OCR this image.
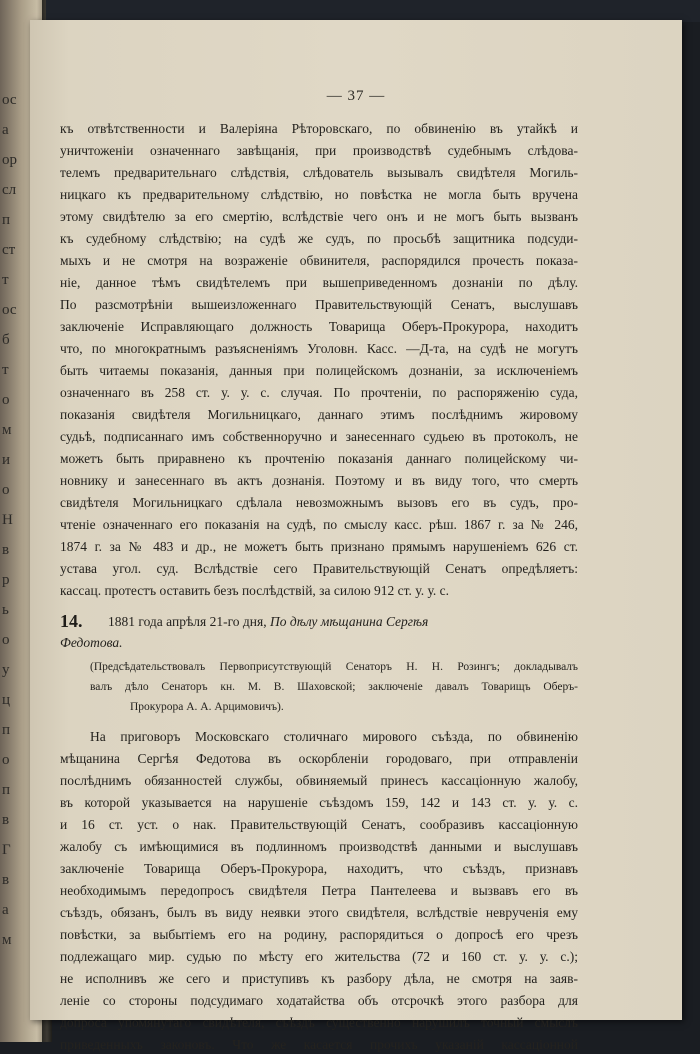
ос
а
ор
сл
п
ст
т
ос
б
т
о
м
и
о
Н
в
р
ь
о
у
ц
п
о
п
в
Г
в
а
м
— 37 —
къ отвѣтственности и Валеріяна Рѣторовскаго, по обвиненію въ утайкѣ и
уничтоженіи означеннаго завѣщанія, при производствѣ судебнымъ слѣдова-
телемъ предварительнаго слѣдствія, слѣдователь вызывалъ свидѣтеля Могиль-
ницкаго къ предварительному слѣдствію, но повѣстка не могла быть вручена
этому свидѣтелю за его смертію, вслѣдствіе чего онъ и не могъ быть вызванъ
къ судебному слѣдствію; на судѣ же судъ, по просьбѣ защитника подсуди-
мыхъ и не смотря на возраженіе обвинителя, распорядился прочесть показа-
ніе, данное тѣмъ свидѣтелемъ при вышеприведенномъ дознаніи по дѣлу.
По разсмотрѣніи вышеизложеннаго Правительствующій Сенатъ, выслушавъ
заключеніе Исправляющаго должность Товарища Оберъ-Прокурора, находитъ
что, по многократнымъ разъясненіямъ Уголовн. Касс. —Д-та, на судѣ не могутъ
быть читаемы показанія, данныя при полицейскомъ дознаніи, за исключеніемъ
означеннаго въ 258 ст. у. у. с. случая. По прочтеніи, по распоряженію суда,
показанія свидѣтеля Могильницкаго, даннаго этимъ послѣднимъ жировому
судьѣ, подписаннаго имъ собственноручно и занесеннаго судьею въ протоколъ, не
можетъ быть приравнено къ прочтенію показанія даннаго полицейскому чи-
новнику и занесеннаго въ актъ дознанія. Поэтому и въ виду того, что смерть
свидѣтеля Могильницкаго сдѣлала невозможнымъ вызовъ его въ судъ, про-
чтеніе означеннаго его показанія на судѣ, по смыслу касс. рѣш. 1867 г. за № 246,
14. 1881 года апрѣля 21-го дня, По дѣлу мѣщанина Сергѣя
1874 г. за № 483 и др., не можетъ быть признано прямымъ нарушеніемъ 626 ст.
устава угол. суд. Вслѣдствіе сего Правительствующій Сенатъ опредѣляетъ:
кассац. протестъ оставить безъ послѣдствій, за силою 912 ст. у. у. с.
Федотова.
(Предсѣдательствовалъ Первоприсутствующій Сенаторъ Н. Н. Розингъ; докладывалъ
валъ дѣло Сенаторъ кн. М. В. Шаховской; заключеніе давалъ Товарищъ Оберъ-
Прокурора А. А. Арцимовичъ).
На приговоръ Московскаго столичнаго мирового съѣзда, по обвиненію
мѣщанина Сергѣя Федотова въ оскорбленіи городоваго, при отправленіи
послѣднимъ обязанностей службы, обвиняемый принесъ кассаціонную жалобу,
въ которой указывается на нарушеніе съѣздомъ 159, 142 и 143 ст. у. у. с.
и 16 ст. уст. о нак. Правительствующій Сенатъ, сообразивъ кассаціонную
жалобу съ имѣющимися въ подлинномъ производствѣ данными и выслушавъ
заключеніе Товарища Оберъ-Прокурора, находитъ, что съѣздъ, признавъ
необходимымъ передопросъ свидѣтеля Петра Пантелеева и вызвавъ его въ
съѣздъ, обязанъ, былъ въ виду неявки этого свидѣтеля, вслѣдствіе неврученія ему
повѣстки, за выбытіемъ его на родину, распорядиться о допросѣ его чрезъ
подлежащаго мир. судью по мѣсту его жительства (72 и 160 ст. у. у. с.);
не исполнивъ же сего и приступивъ къ разбору дѣла, не смотря на заяв-
леніе со стороны подсудимаго ходатайства объ отсрочкѣ этого разбора для
допроса упомянутаго свидѣтеля, съѣздъ существенно нарушилъ точный смыслъ
приведенныхъ законовъ. Что же касается прочихъ указаній кассаціонной
